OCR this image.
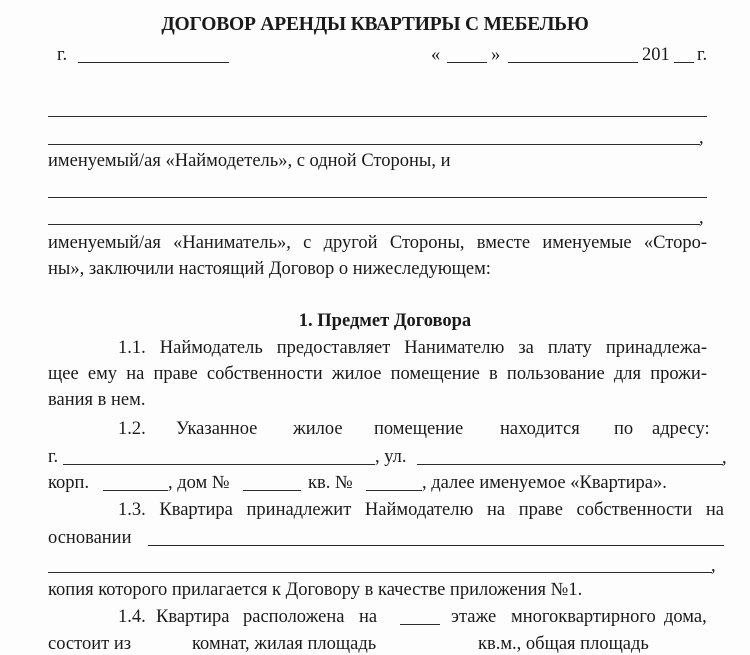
ДОГОВОР АРЕНДЫ КВАРТИРЫ С МЕБЕЛЬЮ
г.	«	»	201 г.
,
именуемый/ая «Наймодетель», с одной Стороны, и
,
именуемый/ая «Наниматель», с другой Стороны, вместе именуемые «Сторо-
ны», заключили настоящий Договор о нижеследующем:
1. Предмет Договора
1.1. Наймодатель предоставляет Нанимателю за плату принадлежа-
щее ему на праве собственности жилое помещение в пользование для прожи-
вания в нем.
1.2. Указанное жилое помещение находится по адресу:
г.	, ул.	,
корп.	, дом №	кв. №	, далее именуемое «Квартира».
1.3. Квартира принадлежит Наймодателю на праве собственности на
основании
,
копия которого прилагается к Договору в качестве приложения №1.
1.4. Квартира расположена на	этаже многоквартирного дома,
состоит из	комнат, жилая площадь	кв.м., общая площадь
